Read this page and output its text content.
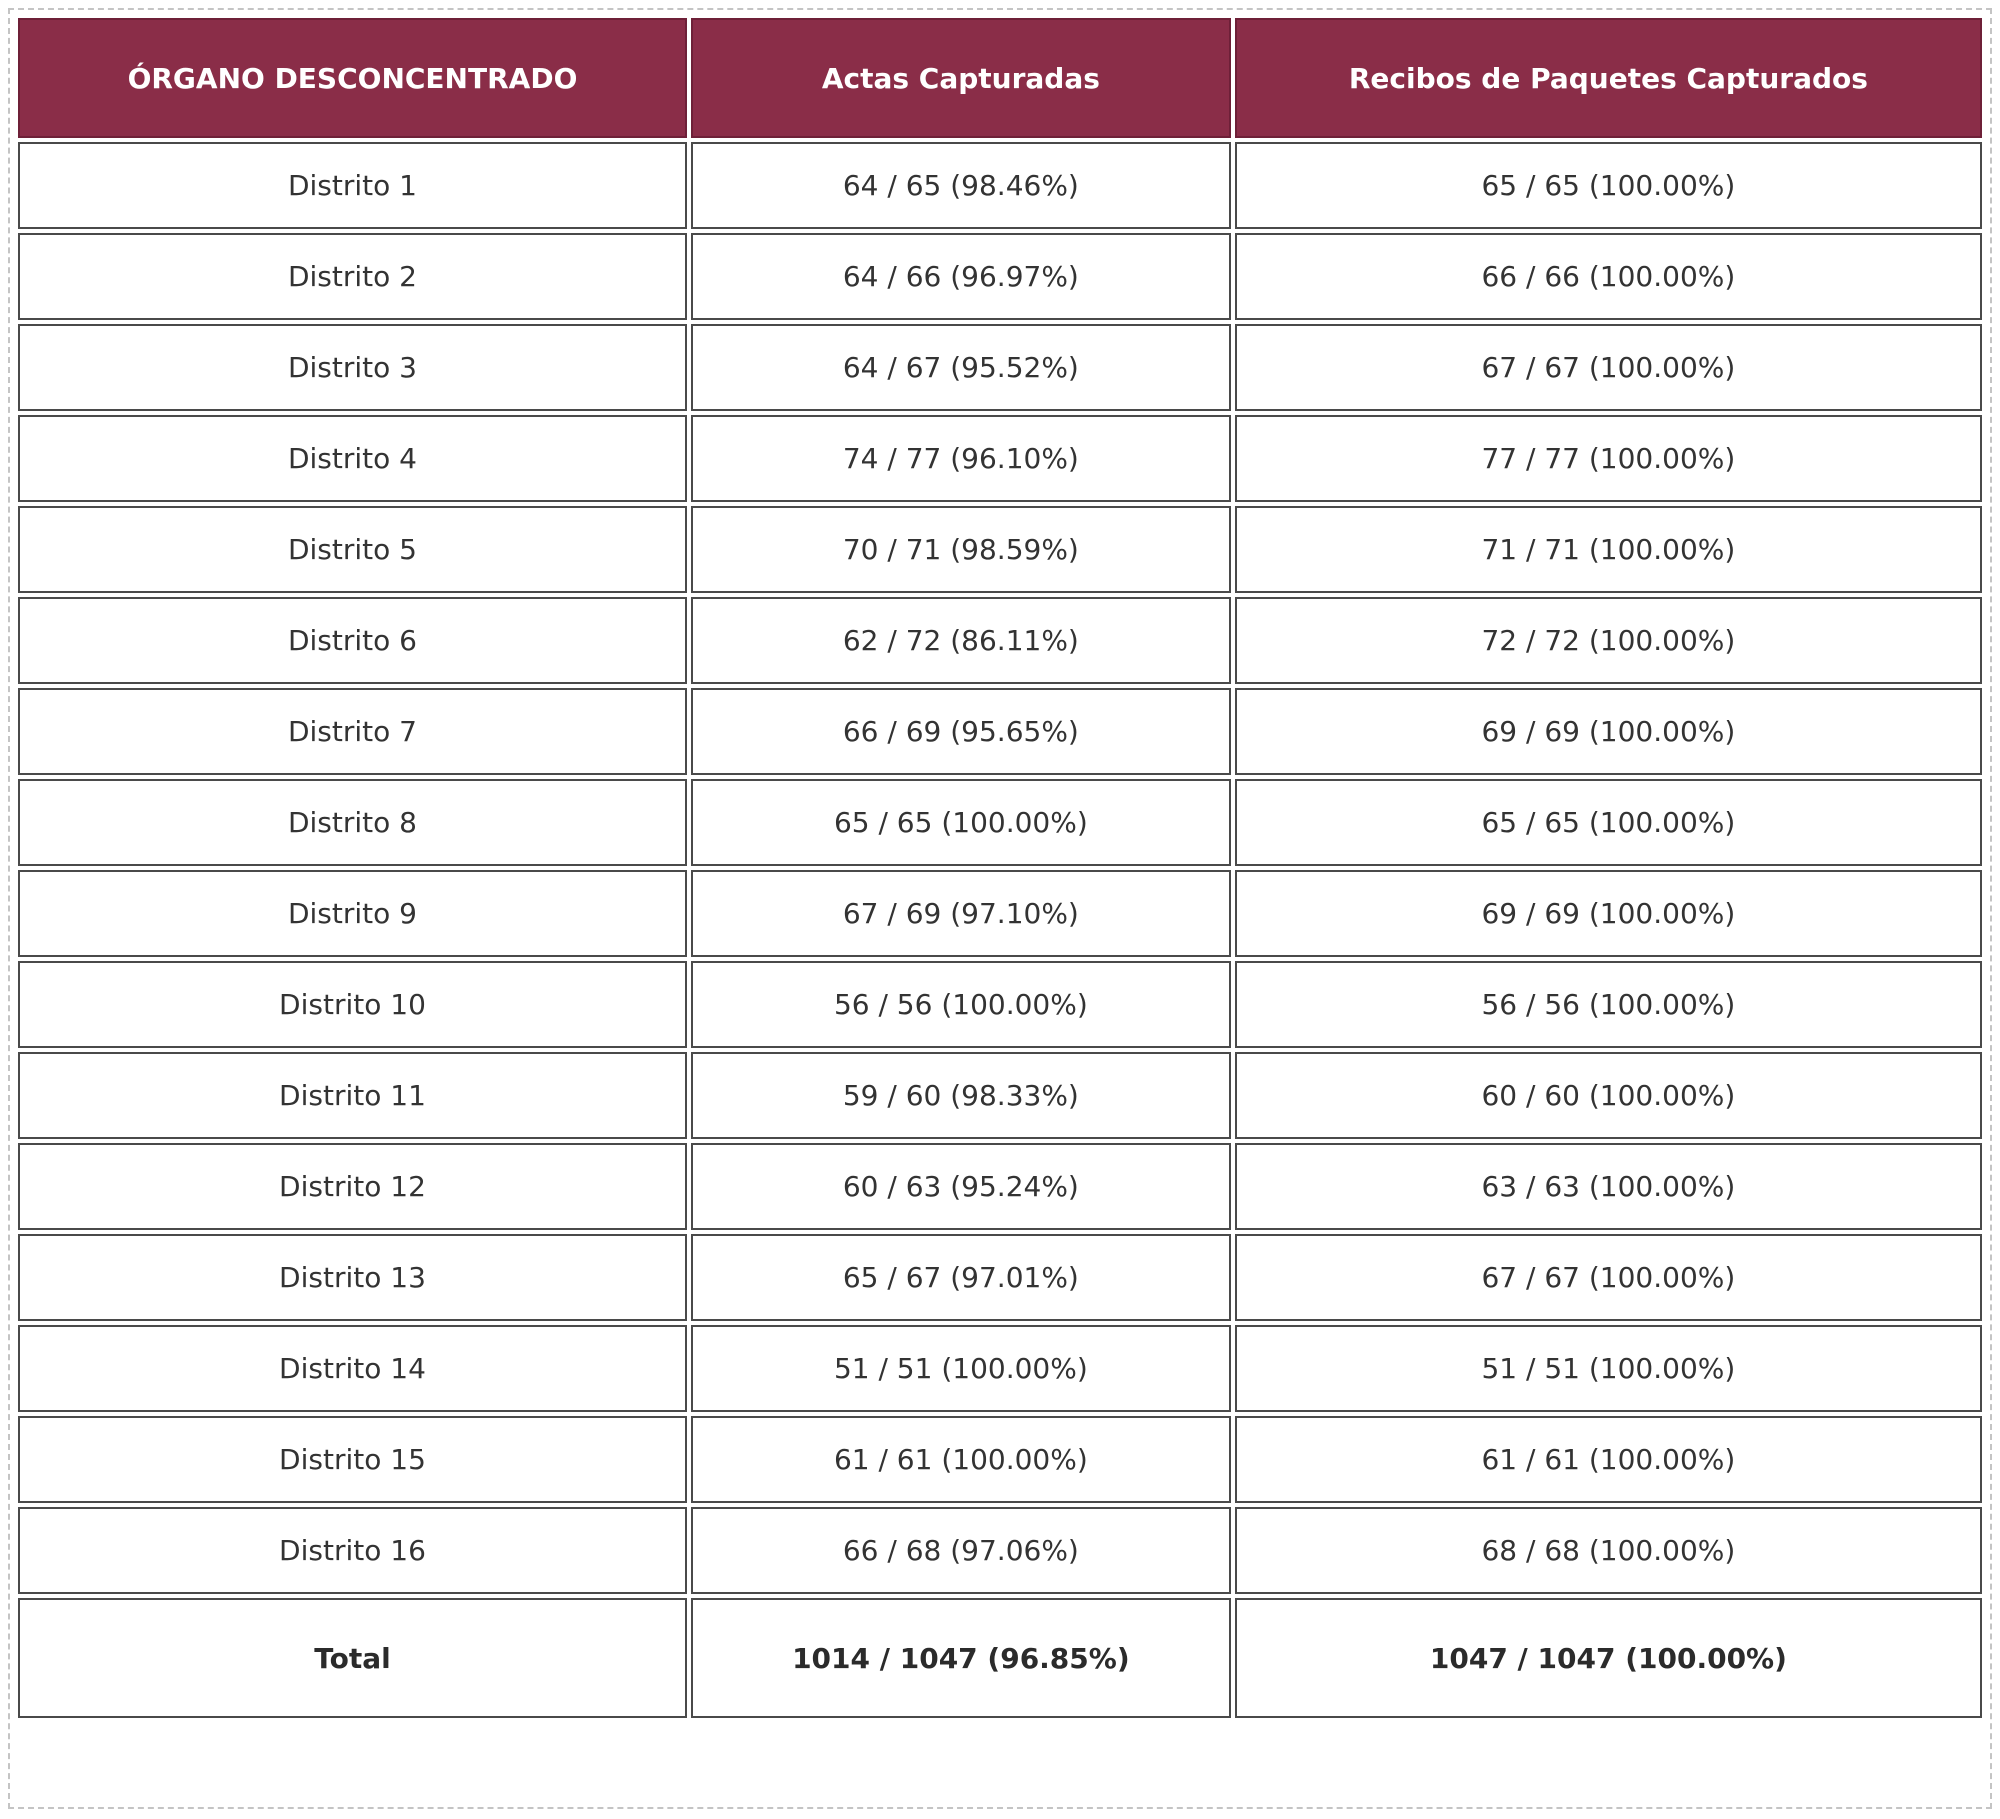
ÓRGANO DESCONCENTRADO	Actas Capturadas	Recibos de Paquetes Capturados
Distrito 1	64 / 65 (98.46%)	65 / 65 (100.00%)
Distrito 2	64 / 66 (96.97%)	66 / 66 (100.00%)
Distrito 3	64 / 67 (95.52%)	67 / 67 (100.00%)
Distrito 4	74 / 77 (96.10%)	77 / 77 (100.00%)
Distrito 5	70 / 71 (98.59%)	71 / 71 (100.00%)
Distrito 6	62 / 72 (86.11%)	72 / 72 (100.00%)
Distrito 7	66 / 69 (95.65%)	69 / 69 (100.00%)
Distrito 8	65 / 65 (100.00%)	65 / 65 (100.00%)
Distrito 9	67 / 69 (97.10%)	69 / 69 (100.00%)
Distrito 10	56 / 56 (100.00%)	56 / 56 (100.00%)
Distrito 11	59 / 60 (98.33%)	60 / 60 (100.00%)
Distrito 12	60 / 63 (95.24%)	63 / 63 (100.00%)
Distrito 13	65 / 67 (97.01%)	67 / 67 (100.00%)
Distrito 14	51 / 51 (100.00%)	51 / 51 (100.00%)
Distrito 15	61 / 61 (100.00%)	61 / 61 (100.00%)
Distrito 16	66 / 68 (97.06%)	68 / 68 (100.00%)
Total	1014 / 1047 (96.85%)	1047 / 1047 (100.00%)
